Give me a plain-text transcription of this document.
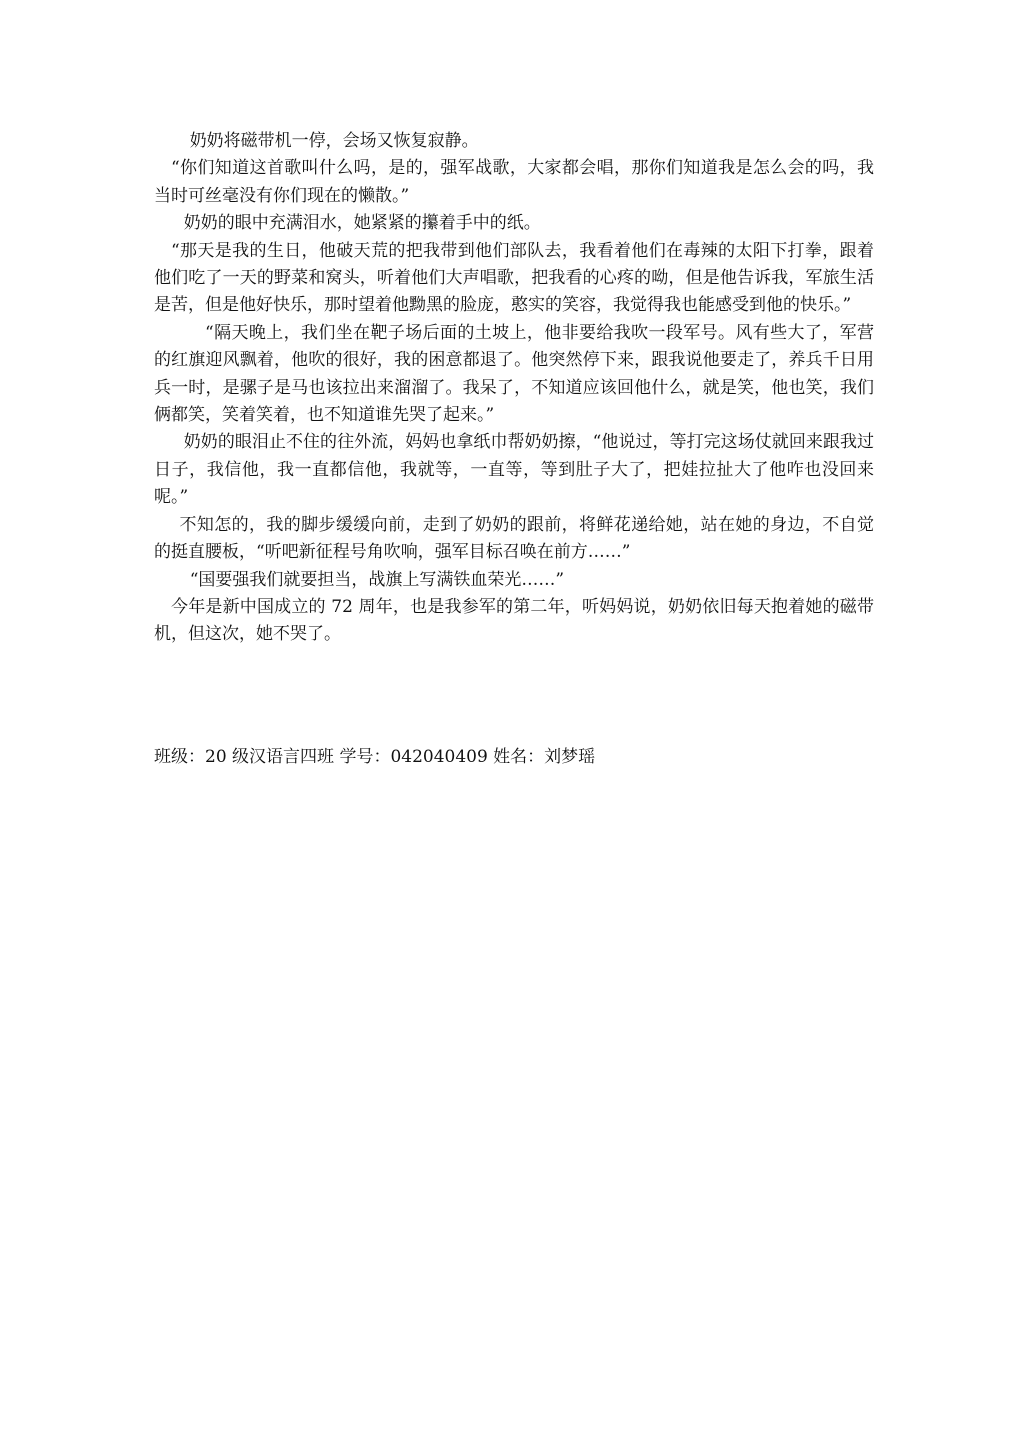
奶奶将磁带机一停，会场又恢复寂静。

“你们知道这首歌叫什么吗，是的，强军战歌，大家都会唱，那你们知道我是怎么会的吗，我当时可丝毫没有你们现在的懒散。”

奶奶的眼中充满泪水，她紧紧的攥着手中的纸。

“那天是我的生日，他破天荒的把我带到他们部队去，我看着他们在毒辣的太阳下打拳，跟着他们吃了一天的野菜和窝头，听着他们大声唱歌，把我看的心疼的呦，但是他告诉我，军旅生活是苦，但是他好快乐，那时望着他黝黑的脸庞，憨实的笑容，我觉得我也能感受到他的快乐。”

“隔天晚上，我们坐在靶子场后面的土坡上，他非要给我吹一段军号。风有些大了，军营的红旗迎风飘着，他吹的很好，我的困意都退了。他突然停下来，跟我说他要走了，养兵千日用兵一时，是骡子是马也该拉出来溜溜了。我呆了，不知道应该回他什么，就是笑，他也笑，我们俩都笑，笑着笑着，也不知道谁先哭了起来。”

奶奶的眼泪止不住的往外流，妈妈也拿纸巾帮奶奶擦，“他说过，等打完这场仗就回来跟我过日子，我信他，我一直都信他，我就等，一直等，等到肚子大了，把娃拉扯大了他咋也没回来呢。”

不知怎的，我的脚步缓缓向前，走到了奶奶的跟前，将鲜花递给她，站在她的身边，不自觉的挺直腰板，“听吧新征程号角吹响，强军目标召唤在前方……”

“国要强我们就要担当，战旗上写满铁血荣光……”

今年是新中国成立的 72 周年，也是我参军的第二年，听妈妈说，奶奶依旧每天抱着她的磁带机，但这次，她不哭了。

班级：20 级汉语言四班 学号：042040409 姓名：刘梦瑶
